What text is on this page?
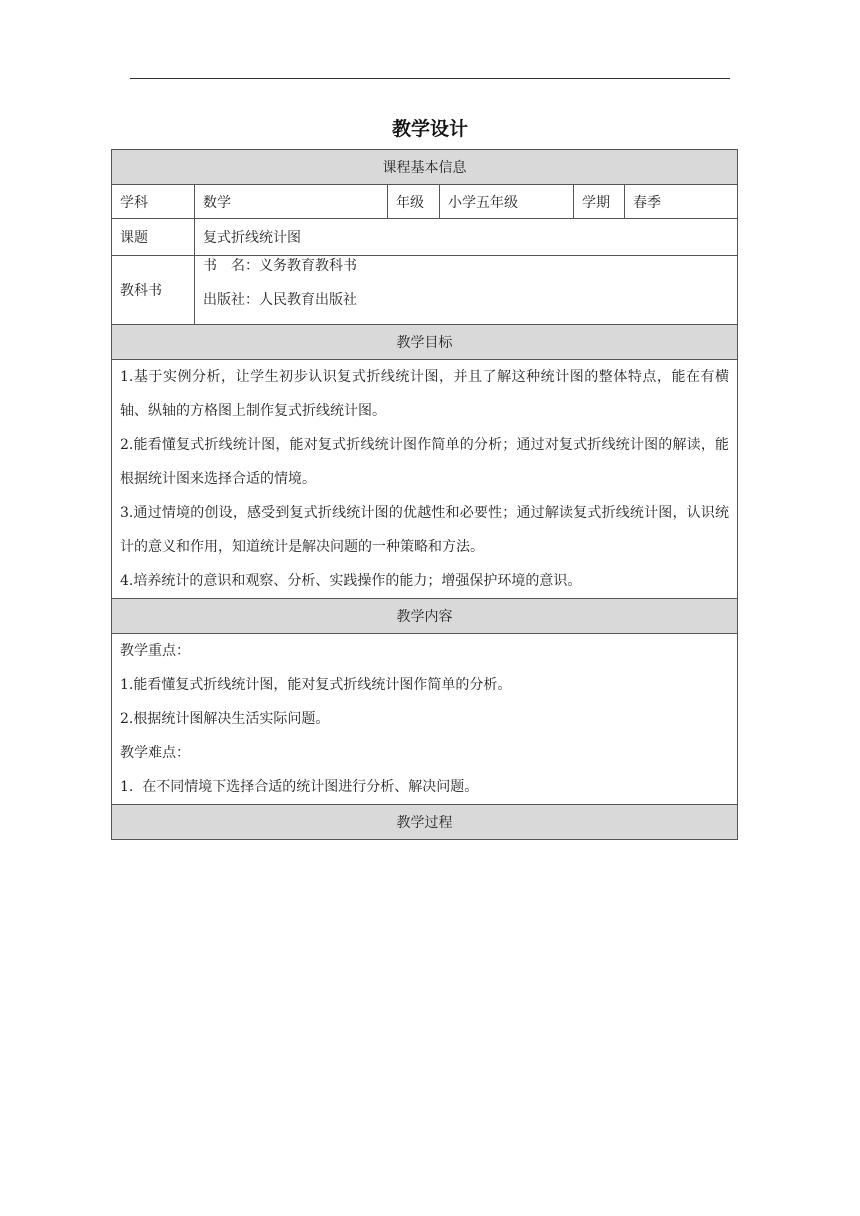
教学设计
课程基本信息					
学科	数学	年级	小学五年级	学期	春季
课题	复式折线统计图				
教科书	书　名：义务教育教科书
出版社：人民教育出版社				

教学目标					

1.基于实例分析，让学生初步认识复式折线统计图，并且了解这种统计图的整体特点，能在有横轴、纵轴的方格图上制作复式折线统计图。
2.能看懂复式折线统计图，能对复式折线统计图作简单的分析；通过对复式折线统计图的解读，能根据统计图来选择合适的情境。
3.通过情境的创设，感受到复式折线统计图的优越性和必要性；通过解读复式折线统计图，认识统计的意义和作用，知道统计是解决问题的一种策略和方法。
4.培养统计的意识和观察、分析、实践操作的能力；增强保护环境的意识。					

教学内容					

教学重点：
1.能看懂复式折线统计图，能对复式折线统计图作简单的分析。
2.根据统计图解决生活实际问题。
教学难点：
1.  在不同情境下选择合适的统计图进行分析、解决问题。					

教学过程					
